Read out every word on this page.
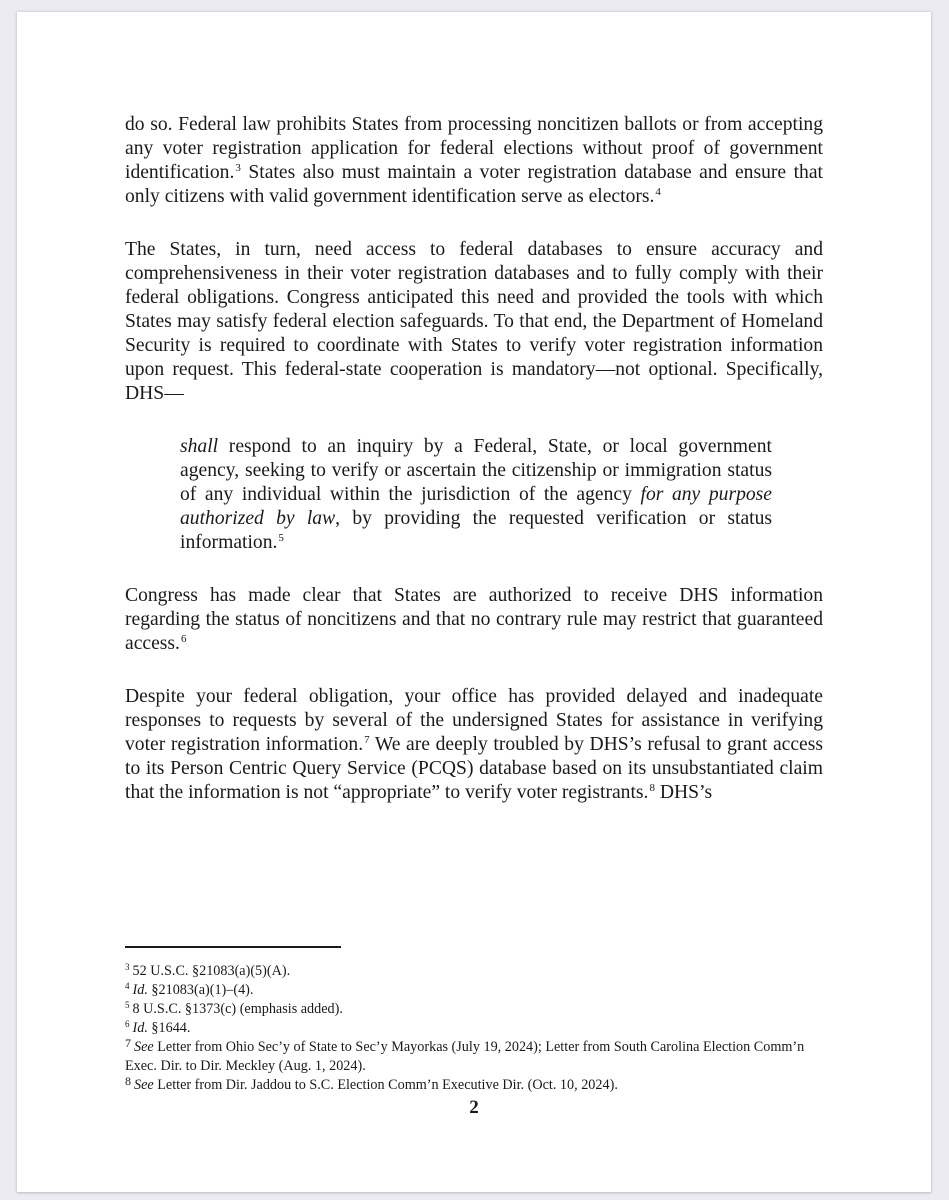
do so. Federal law prohibits States from processing noncitizen ballots or from accepting any voter registration application for federal elections without proof of government identification.$^3$ States also must maintain a voter registration database and ensure that only citizens with valid government identification serve as electors.$^4$

The States, in turn, need access to federal databases to ensure accuracy and comprehensiveness in their voter registration databases and to fully comply with their federal obligations. Congress anticipated this need and provided the tools with which States may satisfy federal election safeguards. To that end, the Department of Homeland Security is required to coordinate with States to verify voter registration information upon request. This federal-state cooperation is mandatory—not optional. Specifically, DHS—

shall respond to an inquiry by a Federal, State, or local government agency, seeking to verify or ascertain the citizenship or immigration status of any individual within the jurisdiction of the agency for any purpose authorized by law, by providing the requested verification or status information.$^5$

Congress has made clear that States are authorized to receive DHS information regarding the status of noncitizens and that no contrary rule may restrict that guaranteed access.$^6$

Despite your federal obligation, your office has provided delayed and inadequate responses to requests by several of the undersigned States for assistance in verifying voter registration information.$^7$ We are deeply troubled by DHS’s refusal to grant access to its Person Centric Query Service (PCQS) database based on its unsubstantiated claim that the information is not “appropriate” to verify voter registrants.$^8$ DHS’s

$^3$ 52 U.S.C. §21083(a)(5)(A).

$^4$ Id. §21083(a)(1)–(4).

$^5$ 8 U.S.C. §1373(c) (emphasis added).

$^6$ Id. §1644.

$^7$ See Letter from Ohio Sec’y of State to Sec’y Mayorkas (July 19, 2024); Letter from South Carolina Election Comm’n Exec. Dir. to Dir. Meckley (Aug. 1, 2024).

$^8$ See Letter from Dir. Jaddou to S.C. Election Comm’n Executive Dir. (Oct. 10, 2024).

2
